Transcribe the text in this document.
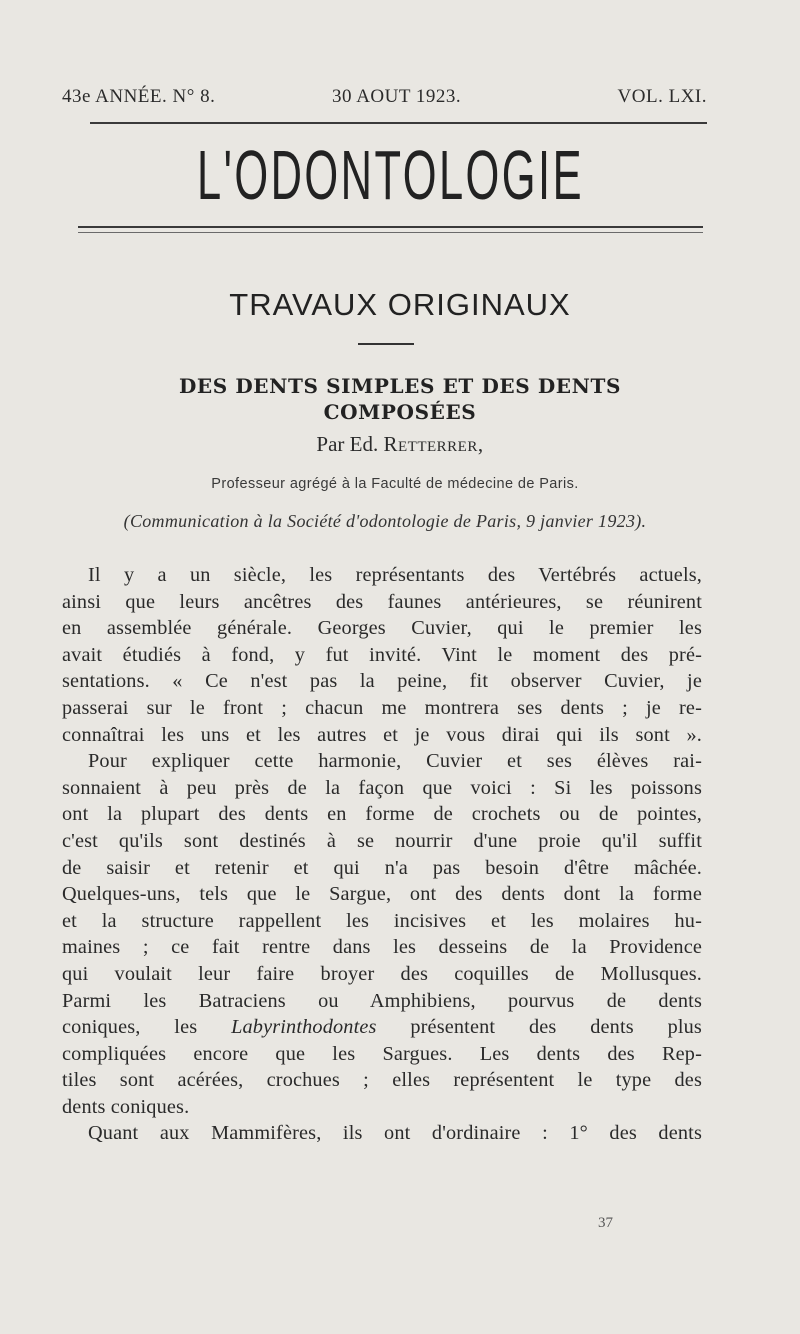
43e ANNÉE. N° 8.	30 AOUT 1923.	VOL. LXI.
L'ODONTOLOGIE
TRAVAUX ORIGINAUX
DES DENTS SIMPLES ET DES DENTS
COMPOSÉES
Par Ed. Retterrer,
Professeur agrégé à la Faculté de médecine de Paris.
(Communication à la Société d'odontologie de Paris, 9 janvier 1923).
Il y a un siècle, les représentants des Vertébrés actuels,
ainsi que leurs ancêtres des faunes antérieures, se réunirent
en assemblée générale. Georges Cuvier, qui le premier les
avait étudiés à fond, y fut invité. Vint le moment des pré-
sentations. « Ce n'est pas la peine, fit observer Cuvier, je
passerai sur le front ; chacun me montrera ses dents ; je re-
connaîtrai les uns et les autres et je vous dirai qui ils sont ».
Pour expliquer cette harmonie, Cuvier et ses élèves rai-
sonnaient à peu près de la façon que voici : Si les poissons
ont la plupart des dents en forme de crochets ou de pointes,
c'est qu'ils sont destinés à se nourrir d'une proie qu'il suffit
de saisir et retenir et qui n'a pas besoin d'être mâchée.
Quelques-uns, tels que le Sargue, ont des dents dont la forme
et la structure rappellent les incisives et les molaires hu-
maines ; ce fait rentre dans les desseins de la Providence
qui voulait leur faire broyer des coquilles de Mollusques.
Parmi les Batraciens ou Amphibiens, pourvus de dents
coniques, les Labyrinthodontes présentent des dents plus
compliquées encore que les Sargues. Les dents des Rep-
tiles sont acérées, crochues ; elles représentent le type des
dents coniques.
Quant aux Mammifères, ils ont d'ordinaire : 1° des dents
37
